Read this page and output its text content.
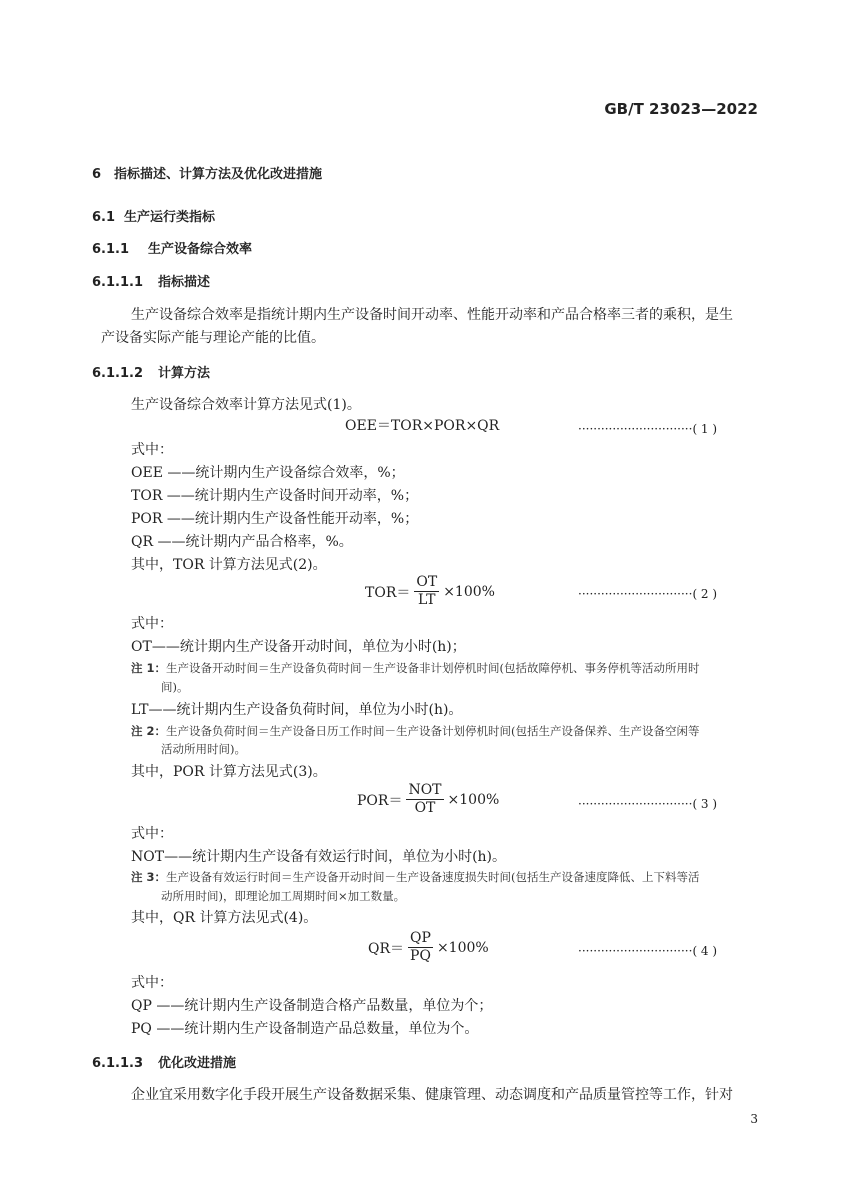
GB/T 23023—2022
6 指标描述、计算方法及优化改进措施
6.1 生产运行类指标
6.1.1 生产设备综合效率
6.1.1.1 指标描述
生产设备综合效率是指统计期内生产设备时间开动率、性能开动率和产品合格率三者的乘积，是生
产设备实际产能与理论产能的比值。
6.1.1.2 计算方法
生产设备综合效率计算方法见式(1)。
OEE＝TOR×POR×QR	······························( 1 )
式中：
OEE ——统计期内生产设备综合效率，%；
TOR ——统计期内生产设备时间开动率，%；
POR ——统计期内生产设备性能开动率，%；
QR ——统计期内产品合格率，%。
其中，TOR 计算方法见式(2)。
$TOR= \frac{OT}{LT} \times 100\%$	······························( 2 )
式中：
OT——统计期内生产设备开动时间，单位为小时(h)；
注 1：生产设备开动时间＝生产设备负荷时间－生产设备非计划停机时间(包括故障停机、事务停机等活动所用时
间)。
LT——统计期内生产设备负荷时间，单位为小时(h)。
注 2：生产设备负荷时间＝生产设备日历工作时间－生产设备计划停机时间(包括生产设备保养、生产设备空闲等
活动所用时间)。
其中，POR 计算方法见式(3)。
$POR= \frac{\text{NOT}}{OT} \times 100\%$	······························( 3 )
式中：
NOT——统计期内生产设备有效运行时间，单位为小时(h)。
注 3：生产设备有效运行时间＝生产设备开动时间－生产设备速度损失时间(包括生产设备速度降低、上下料等活
动所用时间)，即理论加工周期时间×加工数量。
其中，QR 计算方法见式(4)。
$QR= \frac{QP}{PQ} \times 100\%$	······························( 4 )
式中：
QP ——统计期内生产设备制造合格产品数量，单位为个；
PQ ——统计期内生产设备制造产品总数量，单位为个。
6.1.1.3 优化改进措施
企业宜采用数字化手段开展生产设备数据采集、健康管理、动态调度和产品质量管控等工作，针对
3
